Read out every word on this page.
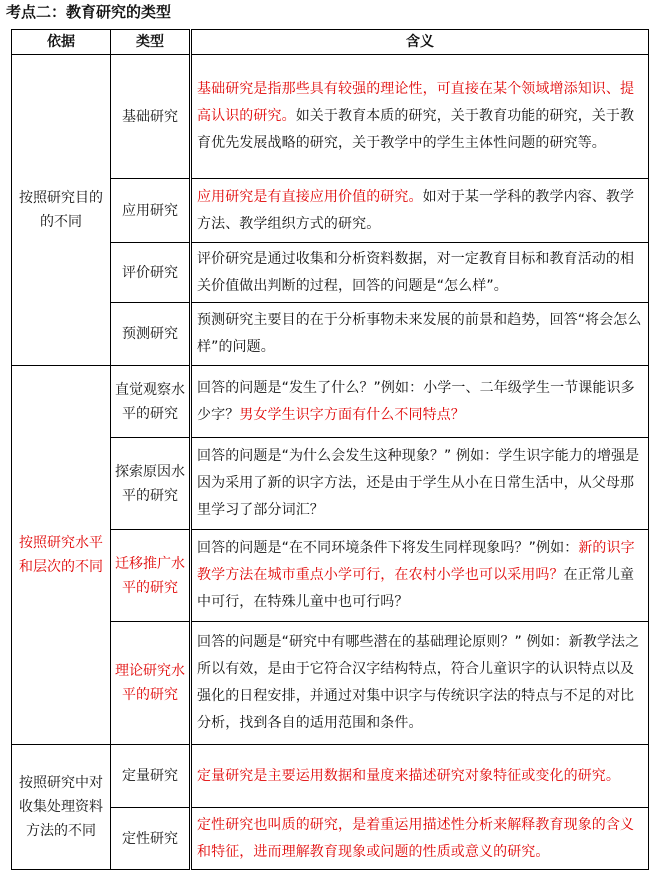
考点二：教育研究的类型
依据	类型	含义
按照研究目的的不同	基础研究	基础研究是指那些具有较强的理论性，可直接在某个领域增添知识、提高认识的研究。如关于教育本质的研究，关于教育功能的研究，关于教育优先发展战略的研究，关于教学中的学生主体性问题的研究等。
	应用研究	应用研究是有直接应用价值的研究。如对于某一学科的教学内容、教学方法、教学组织方式的研究。
	评价研究	评价研究是通过收集和分析资料数据，对一定教育目标和教育活动的相关价值做出判断的过程，回答的问题是“怎么样”。
	预测研究	预测研究主要目的在于分析事物未来发展的前景和趋势，回答“将会怎么样”的问题。
按照研究水平和层次的不同	直觉观察水平的研究	回答的问题是“发生了什么？”例如：小学一、二年级学生一节课能识多少字？男女学生识字方面有什么不同特点？
	探索原因水平的研究	回答的问题是“为什么会发生这种现象？” 例如：学生识字能力的增强是因为采用了新的识字方法，还是由于学生从小在日常生活中，从父母那里学习了部分词汇？
	迁移推广水平的研究	回答的问题是“在不同环境条件下将发生同样现象吗？”例如：新的识字教学方法在城市重点小学可行，在农村小学也可以采用吗？在正常儿童中可行，在特殊儿童中也可行吗？
	理论研究水平的研究	回答的问题是“研究中有哪些潜在的基础理论原则？” 例如：新教学法之所以有效，是由于它符合汉字结构特点，符合儿童识字的认识特点以及强化的日程安排，并通过对集中识字与传统识字法的特点与不足的对比分析，找到各自的适用范围和条件。
按照研究中对收集处理资料方法的不同	定量研究	定量研究是主要运用数据和量度来描述研究对象特征或变化的研究。
	定性研究	定性研究也叫质的研究，是着重运用描述性分析来解释教育现象的含义和特征，进而理解教育现象或问题的性质或意义的研究。
